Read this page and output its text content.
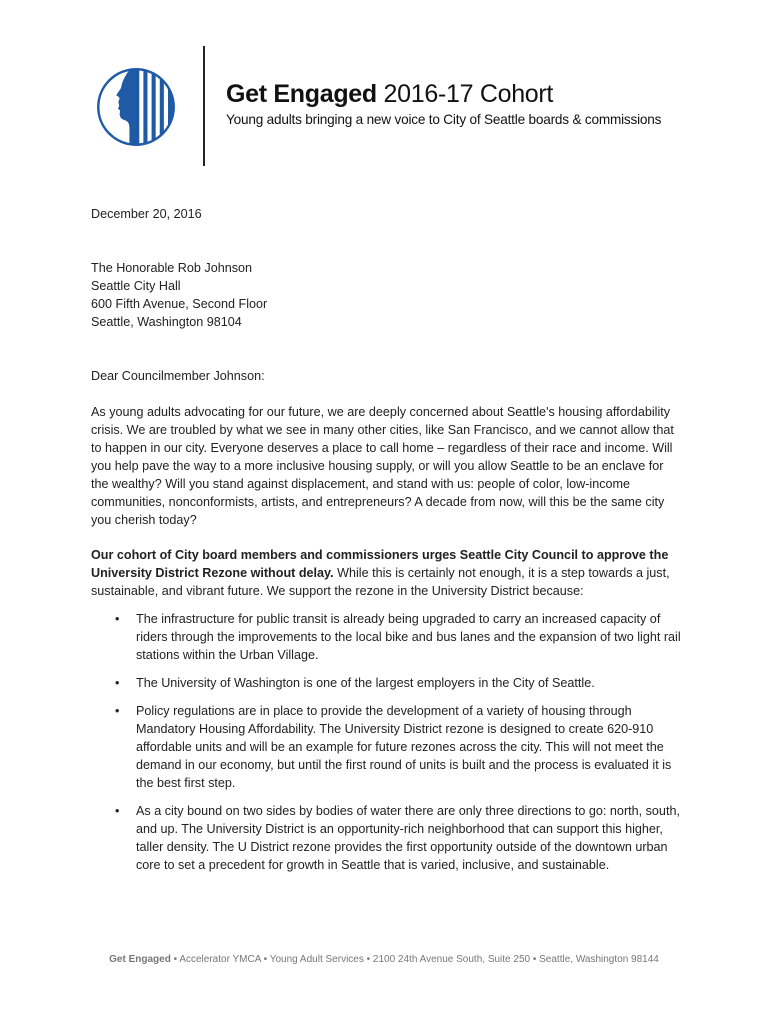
Get Engaged 2016-17 Cohort
Young adults bringing a new voice to City of Seattle boards & commissions
December 20, 2016
The Honorable Rob Johnson
Seattle City Hall
600 Fifth Avenue, Second Floor
Seattle, Washington 98104
Dear Councilmember Johnson:

As young adults advocating for our future, we are deeply concerned about Seattle's housing affordability crisis. We are troubled by what we see in many other cities, like San Francisco, and we cannot allow that to happen in our city. Everyone deserves a place to call home – regardless of their race and income. Will you help pave the way to a more inclusive housing supply, or will you allow Seattle to be an enclave for the wealthy? Will you stand against displacement, and stand with us: people of color, low-income communities, nonconformists, artists, and entrepreneurs? A decade from now, will this be the same city you cherish today?

Our cohort of City board members and commissioners urges Seattle City Council to approve the University District Rezone without delay. While this is certainly not enough, it is a step towards a just, sustainable, and vibrant future. We support the rezone in the University District because:

• The infrastructure for public transit is already being upgraded to carry an increased capacity of riders through the improvements to the local bike and bus lanes and the expansion of two light rail stations within the Urban Village.
• The University of Washington is one of the largest employers in the City of Seattle.
• Policy regulations are in place to provide the development of a variety of housing through Mandatory Housing Affordability. The University District rezone is designed to create 620-910 affordable units and will be an example for future rezones across the city. This will not meet the demand in our economy, but until the first round of units is built and the process is evaluated it is the best first step.
• As a city bound on two sides by bodies of water there are only three directions to go: north, south, and up. The University District is an opportunity-rich neighborhood that can support this higher, taller density. The U District rezone provides the first opportunity outside of the downtown urban core to set a precedent for growth in Seattle that is varied, inclusive, and sustainable.
Get Engaged • Accelerator YMCA • Young Adult Services • 2100 24th Avenue South, Suite 250 • Seattle, Washington 98144
